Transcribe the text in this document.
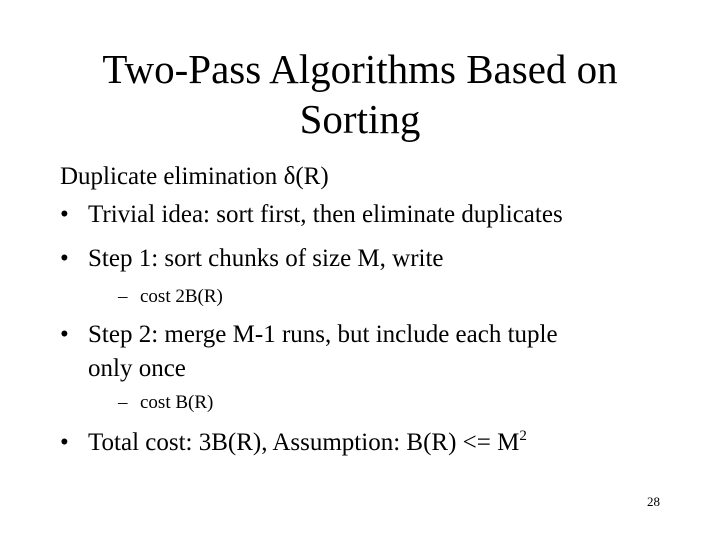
Two-Pass Algorithms Based on
Sorting
Duplicate elimination δ(R)
• Trivial idea: sort first, then eliminate duplicates
• Step 1: sort chunks of size M, write
– cost 2B(R)
• Step 2: merge M-1 runs, but include each tuple
only once
– cost B(R)
• Total cost: 3B(R), Assumption: $B(R) <= M^2$
28
